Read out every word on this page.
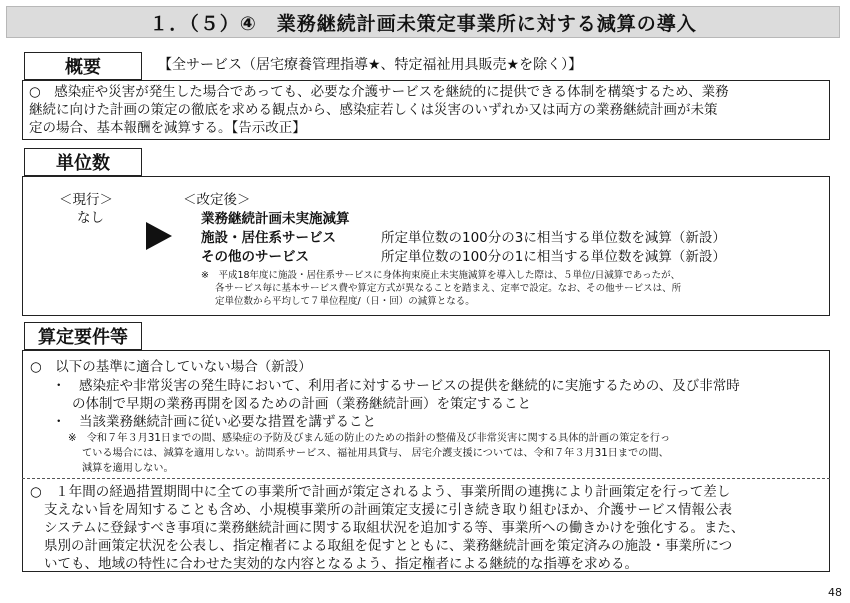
１．（５）④　業務継続計画未策定事業所に対する減算の導入
概要	【全サービス（居宅療養管理指導★、特定福祉用具販売★を除く）】
○　感染症や災害が発生した場合であっても、必要な介護サービスを継続的に提供できる体制を構築するため、業務
継続に向けた計画の策定の徹底を求める観点から、感染症若しくは災害のいずれか又は両方の業務継続計画が未策
定の場合、基本報酬を減算する。【告示改正】
単位数
＜現行＞
なし
＜改定後＞
業務継続計画未実施減算
施設・居住系サービス	所定単位数の100分の3に相当する単位数を減算（新設）
その他のサービス	所定単位数の100分の1に相当する単位数を減算（新設）
※　平成18年度に施設・居住系サービスに身体拘束廃止未実施減算を導入した際は、５単位/日減算であったが、
各サービス毎に基本サービス費や算定方式が異なることを踏まえ、定率で設定。なお、その他サービスは、所
定単位数から平均して７単位程度/（日・回）の減算となる。
算定要件等
○　以下の基準に適合していない場合（新設）
・　感染症や非常災害の発生時において、利用者に対するサービスの提供を継続的に実施するための、及び非常時
の体制で早期の業務再開を図るための計画（業務継続計画）を策定すること
・　当該業務継続計画に従い必要な措置を講ずること
※　令和７年３月31日までの間、感染症の予防及びまん延の防止のための指針の整備及び非常災害に関する具体的計画の策定を行っ
ている場合には、減算を適用しない。訪問系サービス、福祉用具貸与、 居宅介護支援については、令和７年３月31日までの間、
減算を適用しない。
○　１年間の経過措置期間中に全ての事業所で計画が策定されるよう、事業所間の連携により計画策定を行って差し
支えない旨を周知することも含め、小規模事業所の計画策定支援に引き続き取り組むほか、介護サービス情報公表
システムに登録すべき事項に業務継続計画に関する取組状況を追加する等、事業所への働きかけを強化する。また、
県別の計画策定状況を公表し、指定権者による取組を促すとともに、業務継続計画を策定済みの施設・事業所につ
いても、地域の特性に合わせた実効的な内容となるよう、指定権者による継続的な指導を求める。
48
